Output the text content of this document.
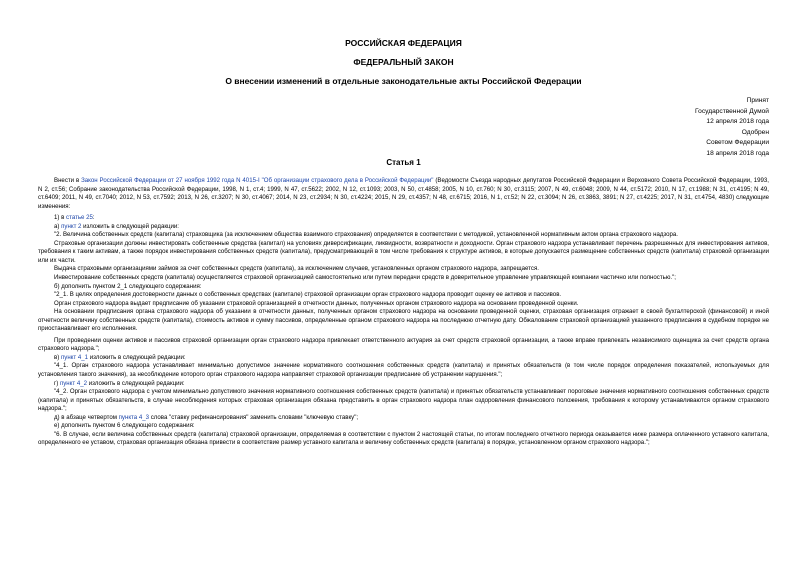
РОССИЙСКАЯ ФЕДЕРАЦИЯ
ФЕДЕРАЛЬНЫЙ ЗАКОН
О внесении изменений в отдельные законодательные акты Российской Федерации
Принят
Государственной Думой
12 апреля 2018 года
Одобрен
Советом Федерации
18 апреля 2018 года
Статья 1

Внести в Закон Российской Федерации от 27 ноября 1992 года N 4015-I "Об организации страхового дела в Российской Федерации" (Ведомости Съезда народных депутатов Российской Федерации и Верховного Совета Российской Федерации, 1993, N 2, ст.56; Собрание законодательства Российской Федерации, 1998, N 1, ст.4; 1999, N 47, ст.5622; 2002, N 12, ст.1093; 2003, N 50, ст.4858; 2005, N 10, ст.760; N 30, ст.3115; 2007, N 49, ст.6048; 2009, N 44, ст.5172; 2010, N 17, ст.1988; N 31, ст.4195; N 49, ст.6409; 2011, N 49, ст.7040; 2012, N 53, ст.7592; 2013, N 26, ст.3207; N 30, ст.4067; 2014, N 23, ст.2934; N 30, ст.4224; 2015, N 29, ст.4357; N 48, ст.6715; 2016, N 1, ст.52; N 22, ст.3094; N 26, ст.3863, 3891; N 27, ст.4225; 2017, N 31, ст.4754, 4830) следующие изменения:

1) в статье 25:

а) пункт 2 изложить в следующей редакции:

"2. Величина собственных средств (капитала) страховщика (за исключением общества взаимного страхования) определяется в соответствии с методикой, установленной нормативным актом органа страхового надзора.

Страховые организации должны инвестировать собственные средства (капитал) на условиях диверсификации, ликвидности, возвратности и доходности. Орган страхового надзора устанавливает перечень разрешенных для инвестирования активов, требования к таким активам, а также порядок инвестирования собственных средств (капитала), предусматривающий в том числе требования к структуре активов, в которые допускается размещение собственных средств (капитала) страховой организации или их части.

Выдача страховыми организациями займов за счет собственных средств (капитала), за исключением случаев, установленных органом страхового надзора, запрещается.

Инвестирование собственных средств (капитала) осуществляется страховой организацией самостоятельно или путем передачи средств в доверительное управление управляющей компании частично или полностью.";

б) дополнить пунктом 2_1 следующего содержания:

"2_1. В целях определения достоверности данных о собственных средствах (капитале) страховой организации орган страхового надзора проводит оценку ее активов и пассивов.

Орган страхового надзора выдает предписание об указании страховой организацией в отчетности данных, полученных органом страхового надзора на основании проведенной оценки.

На основании предписания органа страхового надзора об указании в отчетности данных, полученных органом страхового надзора на основании проведенной оценки, страховая организация отражает в своей бухгалтерской (финансовой) и иной отчетности величину собственных средств (капитала), стоимость активов и сумму пассивов, определенные органом страхового надзора на последнюю отчетную дату. Обжалование страховой организацией указанного предписания в судебном порядке не приостанавливает его исполнения.

При проведении оценки активов и пассивов страховой организации орган страхового надзора привлекает ответственного актуария за счет средств страховой организации, а также вправе привлекать независимого оценщика за счет средств органа страхового надзора.";

в) пункт 4_1 изложить в следующей редакции:

"4_1. Орган страхового надзора устанавливает минимально допустимое значение нормативного соотношения собственных средств (капитала) и принятых обязательств (в том числе порядок определения показателей, используемых для установления такого значения), за несоблюдение которого орган страхового надзора направляет страховой организации предписание об устранении нарушения.";

г) пункт 4_2 изложить в следующей редакции:

"4_2. Орган страхового надзора с учетом минимально допустимого значения нормативного соотношения собственных средств (капитала) и принятых обязательств устанавливает пороговые значения нормативного соотношения собственных средств (капитала) и принятых обязательств, в случае несоблюдения которых страховая организация обязана представить в орган страхового надзора план оздоровления финансового положения, требования к которому устанавливаются органом страхового надзора.";

д) в абзаце четвертом пункта 4_3 слова "ставку рефинансирования" заменить словами "ключевую ставку";

е) дополнить пунктом 6 следующего содержания:

"6. В случае, если величина собственных средств (капитала) страховой организации, определяемая в соответствии с пунктом 2 настоящей статьи, по итогам последнего отчетного периода оказывается ниже размера оплаченного уставного капитала, определенного ее уставом, страховая организация обязана привести в соответствие размер уставного капитала и величину собственных средств (капитала) в порядке, установленном органом страхового надзора.";
